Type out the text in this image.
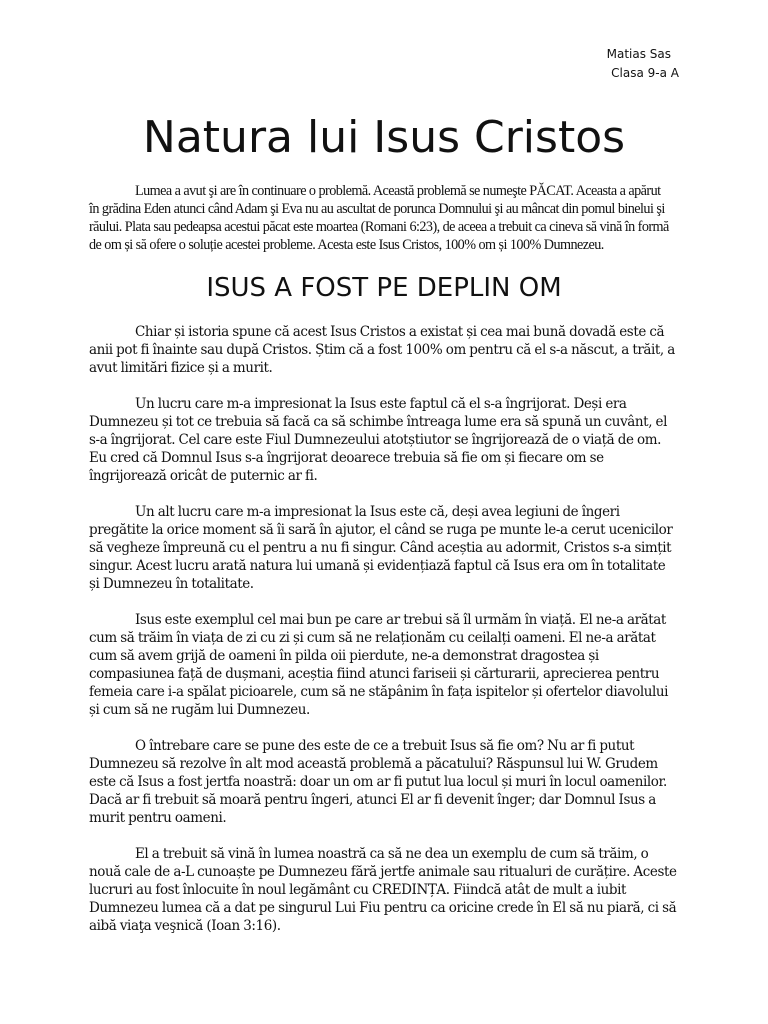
Matias Sas
Clasa 9-a A
Natura lui Isus Cristos

Lumea a avut şi are în continuare o problemă. Această problemă se numeşte PĂCAT. Aceasta a apărut în grădina Eden atunci când Adam şi Eva nu au ascultat de porunca Domnului şi au mâncat din pomul binelui şi răului. Plata sau pedeapsa acestui păcat este moartea (Romani 6:23), de aceea a trebuit ca cineva să vină în formă de om și să ofere o soluție acestei probleme. Acesta este Isus Cristos, 100% om și 100% Dumnezeu.

ISUS A FOST PE DEPLIN OM

Chiar și istoria spune că acest Isus Cristos a existat și cea mai bună dovadă este că anii pot fi înainte sau după Cristos. Știm că a fost 100% om pentru că el s-a născut, a trăit, a avut limitări fizice și a murit.

Un lucru care m-a impresionat la Isus este faptul că el s-a îngrijorat. Deși era Dumnezeu și tot ce trebuia să facă ca să schimbe întreaga lume era să spună un cuvânt, el s-a îngrijorat. Cel care este Fiul Dumnezeului atotștiutor se îngrijorează de o viață de om. Eu cred că Domnul Isus s-a îngrijorat deoarece trebuia să fie om și fiecare om se îngrijorează oricât de puternic ar fi.

Un alt lucru care m-a impresionat la Isus este că, deși avea legiuni de îngeri pregătite la orice moment să îi sară în ajutor, el când se ruga pe munte le-a cerut ucenicilor să vegheze împreună cu el pentru a nu fi singur. Când aceștia au adormit, Cristos s-a simțit singur. Acest lucru arată natura lui umană și evidențiază faptul că Isus era om în totalitate și Dumnezeu în totalitate.

Isus este exemplul cel mai bun pe care ar trebui să îl urmăm în viață. El ne-a arătat cum să trăim în viața de zi cu zi și cum să ne relaționăm cu ceilalți oameni. El ne-a arătat cum să avem grijă de oameni în pilda oii pierdute, ne-a demonstrat dragostea și compasiunea față de dușmani, aceștia fiind atunci fariseii și cărturarii, aprecierea pentru femeia care i-a spălat picioarele, cum să ne stăpânim în fața ispitelor și ofertelor diavolului și cum să ne rugăm lui Dumnezeu.

O întrebare care se pune des este de ce a trebuit Isus să fie om? Nu ar fi putut Dumnezeu să rezolve în alt mod această problemă a păcatului? Răspunsul lui W. Grudem este că Isus a fost jertfa noastră: doar un om ar fi putut lua locul și muri în locul oamenilor. Dacă ar fi trebuit să moară pentru îngeri, atunci El ar fi devenit înger; dar Domnul Isus a murit pentru oameni.

El a trebuit să vină în lumea noastră ca să ne dea un exemplu de cum să trăim, o nouă cale de a-L cunoaște pe Dumnezeu fără jertfe animale sau ritualuri de curățire. Aceste lucruri au fost înlocuite în noul legământ cu CREDINȚA. Fiindcă atât de mult a iubit Dumnezeu lumea că a dat pe singurul Lui Fiu pentru ca oricine crede în El să nu piară, ci să aibă viaţa veşnică (Ioan 3:16).
